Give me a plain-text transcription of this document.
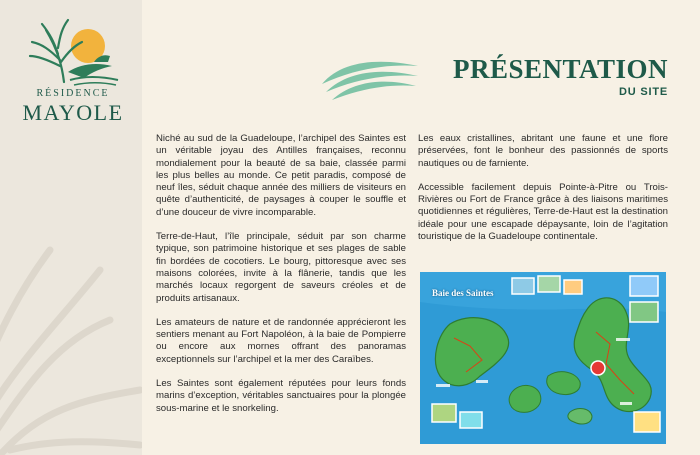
RÉSIDENCE
MAYOLE
PRÉSENTATION
DU SITE

Niché au sud de la Guadeloupe, l’archipel des Saintes est un véritable joyau des Antilles françaises, reconnu mondialement pour la beauté de sa baie, classée parmi les plus belles au monde. Ce petit paradis, composé de neuf îles, séduit chaque année des milliers de visiteurs en quête d’authenticité, de paysages à couper le souffle et d’une douceur de vivre incomparable.

Terre-de-Haut, l’île principale, séduit par son charme typique, son patrimoine historique et ses plages de sable fin bordées de cocotiers. Le bourg, pittoresque avec ses maisons colorées, invite à la flânerie, tandis que les marchés locaux regorgent de saveurs créoles et de produits artisanaux.

Les amateurs de nature et de randonnée apprécieront les sentiers menant au Fort Napoléon, à la baie de Pompierre ou encore aux mornes offrant des panoramas exceptionnels sur l’archipel et la mer des Caraïbes.

Les Saintes sont également réputées pour leurs fonds marins d’exception, véritables sanctuaires pour la plongée sous-marine et le snorkeling.

Les eaux cristallines, abritant une faune et une flore préservées, font le bonheur des passionnés de sports nautiques ou de farniente.

Accessible facilement depuis Pointe-à-Pitre ou Trois-Rivières ou Fort de France grâce à des liaisons maritimes quotidiennes et régulières, Terre-de-Haut est la destination idéale pour une escapade dépaysante, loin de l’agitation touristique de la Guadeloupe continentale.

Baie des Saintes
